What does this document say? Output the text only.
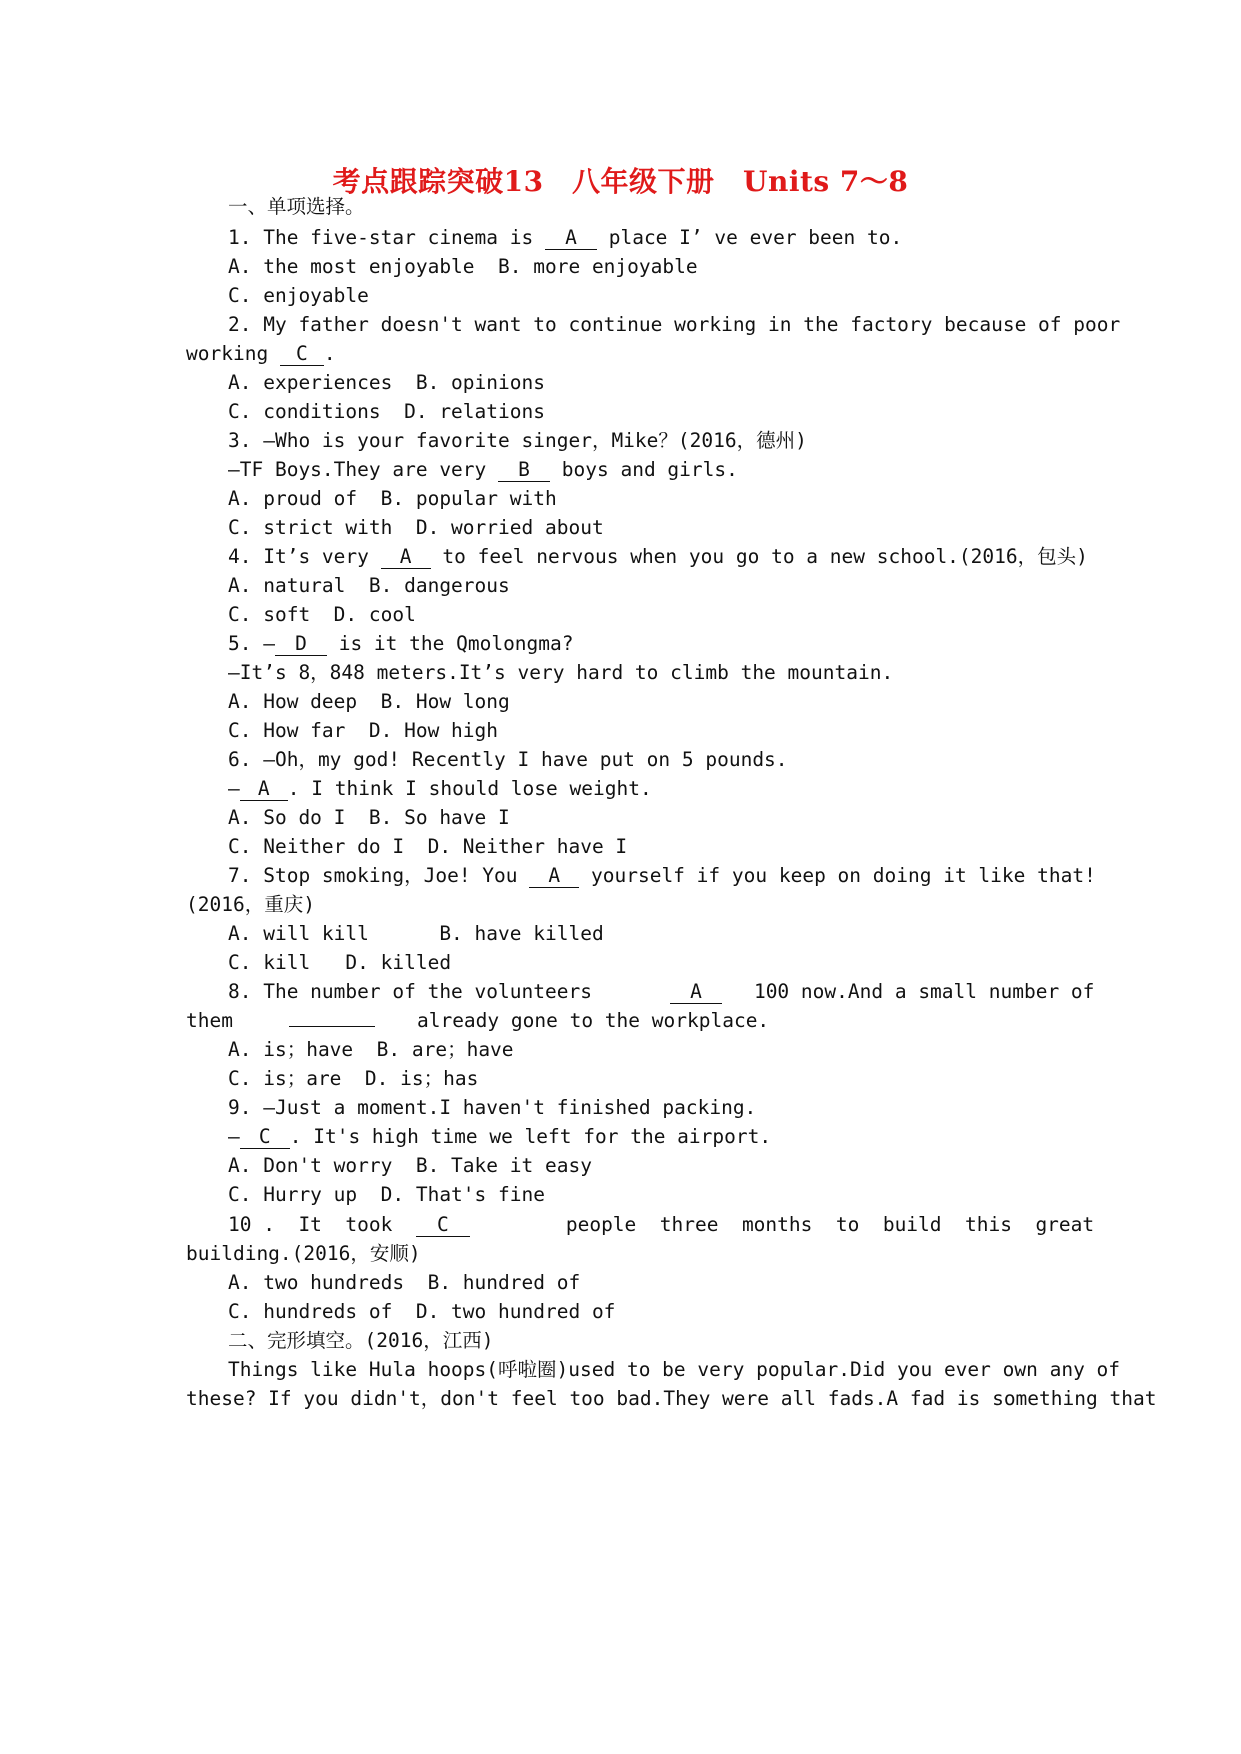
考点跟踪突破13　八年级下册　Units 7～8
一、单项选择。
1. The five-star cinema is A place I’ ve ever been to.
A. the most enjoyable  B. more enjoyable
C. enjoyable
2. My father doesn't want to continue working in the factory because of poor
working C .
A. experiences  B. opinions
C. conditions  D. relations
3. —Who is your favorite singer，Mike？(2016，德州)
—TF Boys.They are very B boys and girls.
A. proud of  B. popular with
C. strict with  D. worried about
4. It’s very A to feel nervous when you go to a new school.(2016，包头)
A. natural  B. dangerous
C. soft  D. cool
5. — D is it the Qmolongma?
—It’s 8，848 meters.It’s very hard to climb the mountain.
A. How deep  B. How long
C. How far  D. How high
6. —Oh，my god! Recently I have put on 5 pounds.
— A . I think I should lose weight.
A. So do I  B. So have I
C. Neither do I  D. Neither have I
7. Stop smoking，Joe! You A yourself if you keep on doing it like that!
(2016，重庆)
A. will kill      B. have killed
C. kill   D. killed
8. The number of the volunteers	A	100 now.And a small number of
them	already gone to the workplace.
A. is；have  B. are；have
C. is；are  D. is；has
9. —Just a moment.I haven't finished packing.
— C . It's high time we left for the airport.
A. Don't worry  B. Take it easy
C. Hurry up  D. That's fine
10 .  It  took  C	people  three  months  to  build  this  great
building.(2016，安顺)
A. two hundreds  B. hundred of
C. hundreds of  D. two hundred of
二、完形填空。(2016，江西)
Things like Hula hoops(呼啦圈)used to be very popular.Did you ever own any of
these? If you didn't，don't feel too bad.They were all fads.A fad is something that
